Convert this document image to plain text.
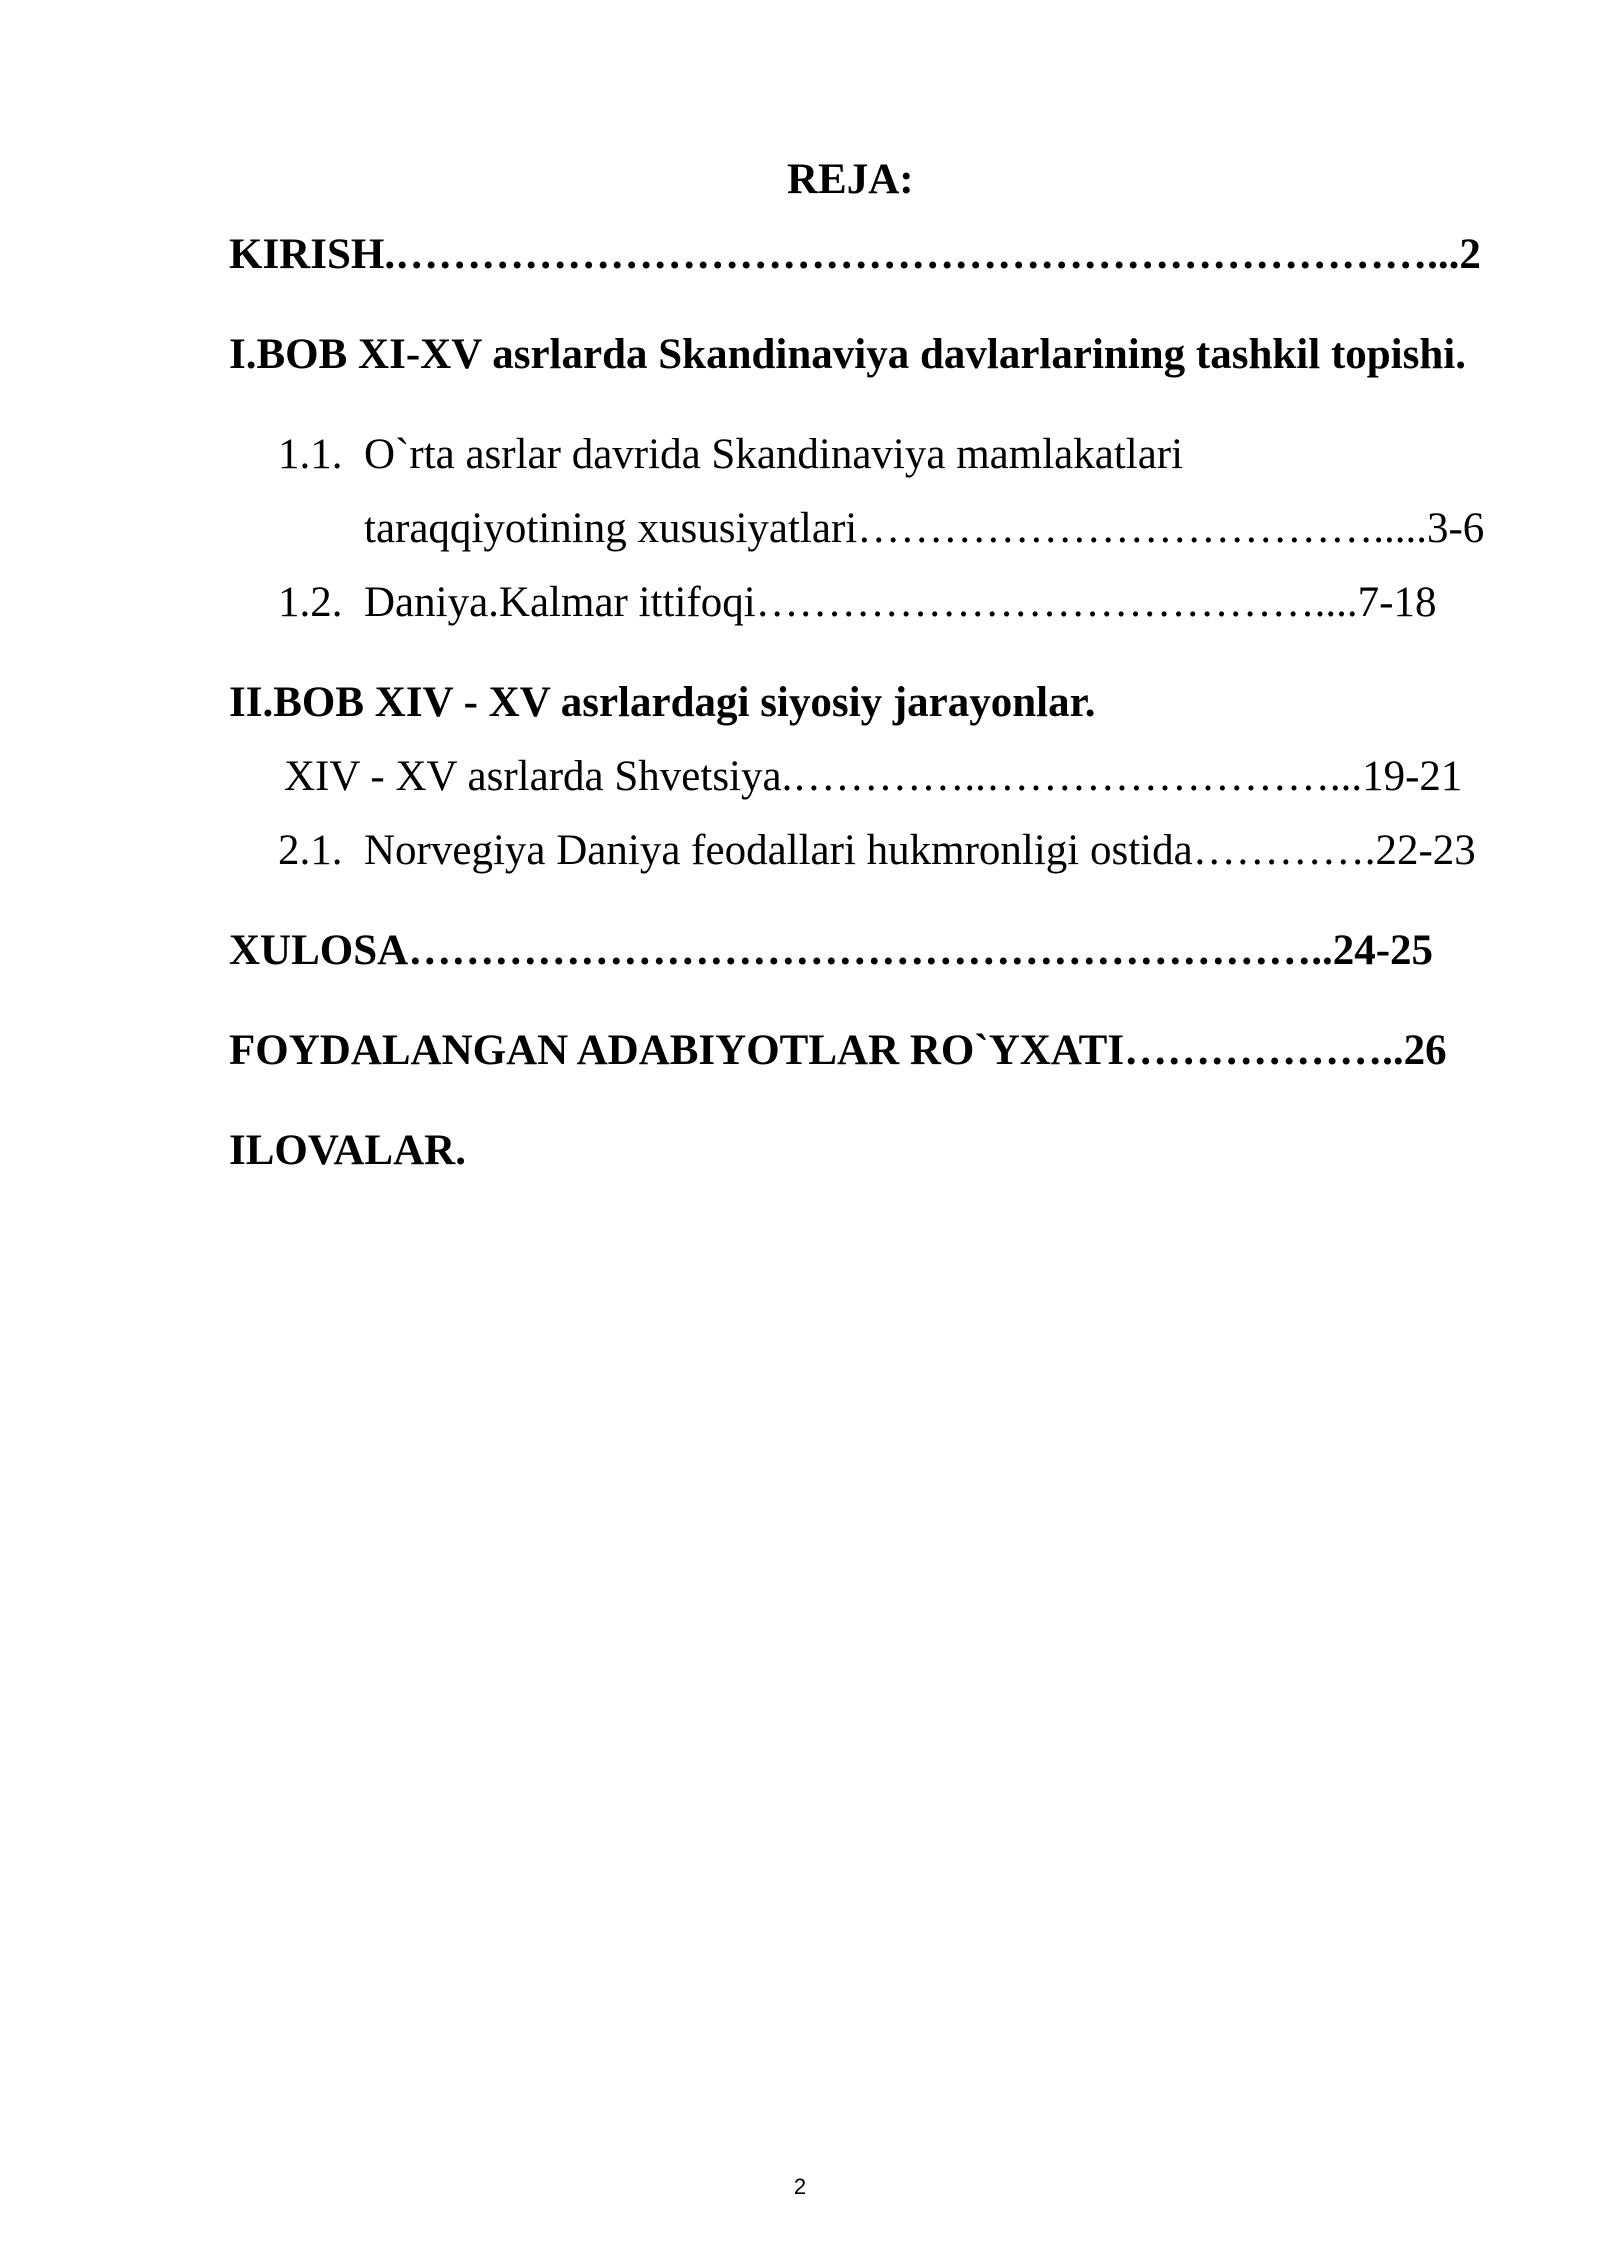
REJA:
KIRISH.………………………………………………………………...2
I.BOB XI-XV asrlarda Skandinaviya davlarlarining tashkil topishi.
1.1. O`rta asrlar davrida Skandinaviya mamlakatlari
taraqqiyotining xususiyatlari……………………………….....3-6
1.2. Daniya.Kalmar ittifoqi…………………………………....7-18
II.BOB XIV - XV asrlardagi siyosiy jarayonlar.
XIV - XV asrlarda Shvetsiya.…………..……………………...19-21
2.1. Norvegiya Daniya feodallari hukmronligi ostida………….22-23
XULOSA………………………………………………………..24-25
FOYDALANGAN ADABIYOTLAR RO`YXATI………………..26
ILOVALAR.
2
